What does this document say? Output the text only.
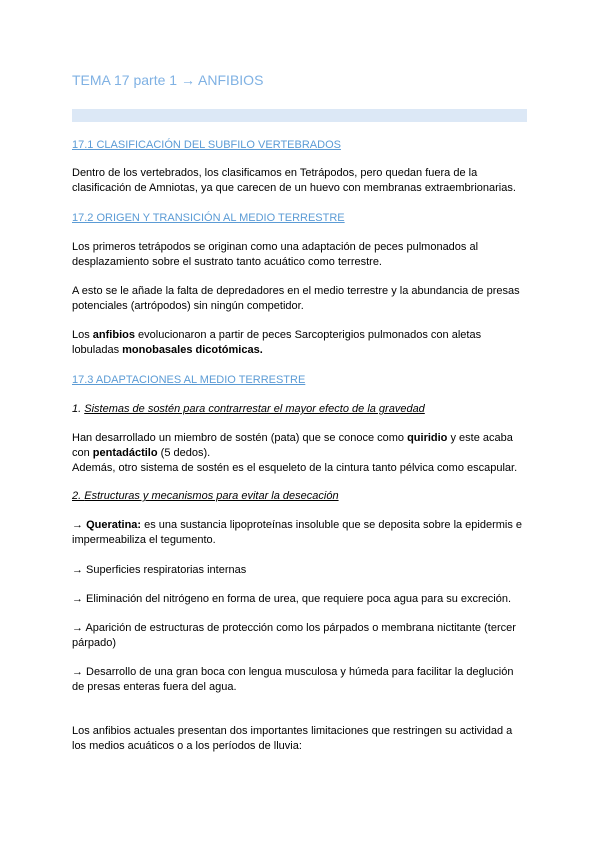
TEMA 17 parte 1 → ANFIBIOS
17.1 CLASIFICACIÓN DEL SUBFILO VERTEBRADOS
Dentro de los vertebrados, los clasificamos en Tetrápodos, pero quedan fuera de la
clasificación de Amniotas, ya que carecen de un huevo con membranas extraembrionarias.
17.2 ORIGEN Y TRANSICIÓN AL MEDIO TERRESTRE
Los primeros tetrápodos se originan como una adaptación de peces pulmonados al
desplazamiento sobre el sustrato tanto acuático como terrestre.
A esto se le añade la falta de depredadores en el medio terrestre y la abundancia de presas
potenciales (artrópodos) sin ningún competidor.
Los anfibios evolucionaron a partir de peces Sarcopterigios pulmonados con aletas
lobuladas monobasales dicotómicas.
17.3 ADAPTACIONES AL MEDIO TERRESTRE
1. Sistemas de sostén para contrarrestar el mayor efecto de la gravedad
Han desarrollado un miembro de sostén (pata) que se conoce como quiridio y este acaba
con pentadáctilo (5 dedos).
Además, otro sistema de sostén es el esqueleto de la cintura tanto pélvica como escapular.
2. Estructuras y mecanismos para evitar la desecación
→ Queratina: es una sustancia lipoproteínas insoluble que se deposita sobre la epidermis e
impermeabiliza el tegumento.
→ Superficies respiratorias internas
→ Eliminación del nitrógeno en forma de urea, que requiere poca agua para su excreción.
→ Aparición de estructuras de protección como los párpados o membrana nictitante (tercer
párpado)
→ Desarrollo de una gran boca con lengua musculosa y húmeda para facilitar la deglución
de presas enteras fuera del agua.
Los anfibios actuales presentan dos importantes limitaciones que restringen su actividad a
los medios acuáticos o a los períodos de lluvia:
